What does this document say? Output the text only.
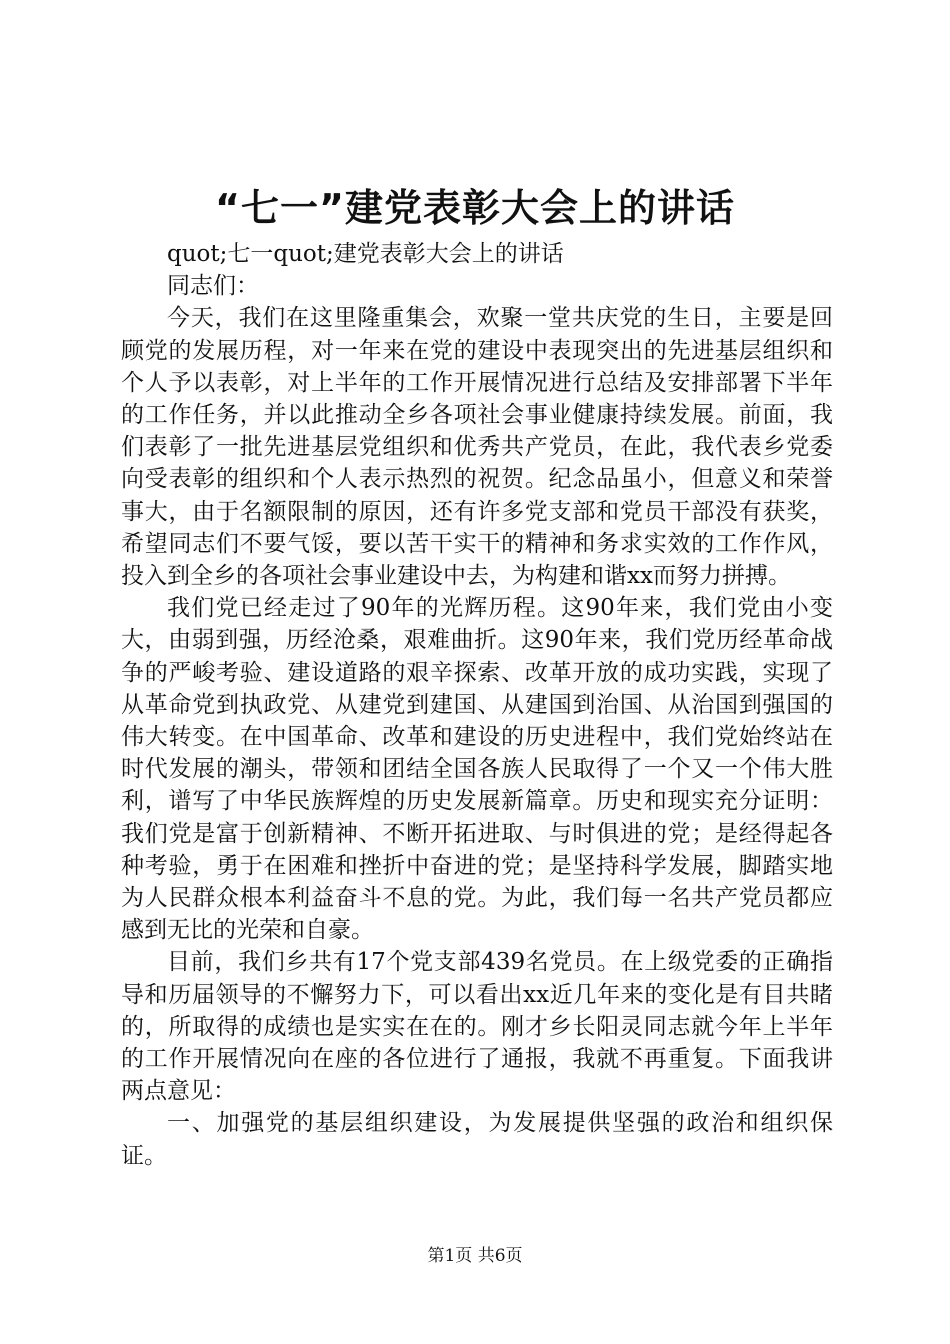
“七一”建党表彰大会上的讲话

quot;七一quot;建党表彰大会上的讲话

同志们：

今天，我们在这里隆重集会，欢聚一堂共庆党的生日，主要是回顾党的发展历程，对一年来在党的建设中表现突出的先进基层组织和个人予以表彰，对上半年的工作开展情况进行总结及安排部署下半年的工作任务，并以此推动全乡各项社会事业健康持续发展。前面，我们表彰了一批先进基层党组织和优秀共产党员，在此，我代表乡党委向受表彰的组织和个人表示热烈的祝贺。纪念品虽小，但意义和荣誉事大，由于名额限制的原因，还有许多党支部和党员干部没有获奖，希望同志们不要气馁，要以苦干实干的精神和务求实效的工作作风，投入到全乡的各项社会事业建设中去，为构建和谐xx而努力拼搏。

我们党已经走过了90年的光辉历程。这90年来，我们党由小变大，由弱到强，历经沧桑，艰难曲折。这90年来，我们党历经革命战争的严峻考验、建设道路的艰辛探索、改革开放的成功实践，实现了从革命党到执政党、从建党到建国、从建国到治国、从治国到强国的伟大转变。在中国革命、改革和建设的历史进程中，我们党始终站在时代发展的潮头，带领和团结全国各族人民取得了一个又一个伟大胜利，谱写了中华民族辉煌的历史发展新篇章。历史和现实充分证明：我们党是富于创新精神、不断开拓进取、与时俱进的党；是经得起各种考验，勇于在困难和挫折中奋进的党；是坚持科学发展，脚踏实地为人民群众根本利益奋斗不息的党。为此，我们每一名共产党员都应感到无比的光荣和自豪。

目前，我们乡共有17个党支部439名党员。在上级党委的正确指导和历届领导的不懈努力下，可以看出xx近几年来的变化是有目共睹的，所取得的成绩也是实实在在的。刚才乡长阳灵同志就今年上半年的工作开展情况向在座的各位进行了通报，我就不再重复。下面我讲两点意见：

一、加强党的基层组织建设，为发展提供坚强的政治和组织保证。

第1页 共6页
